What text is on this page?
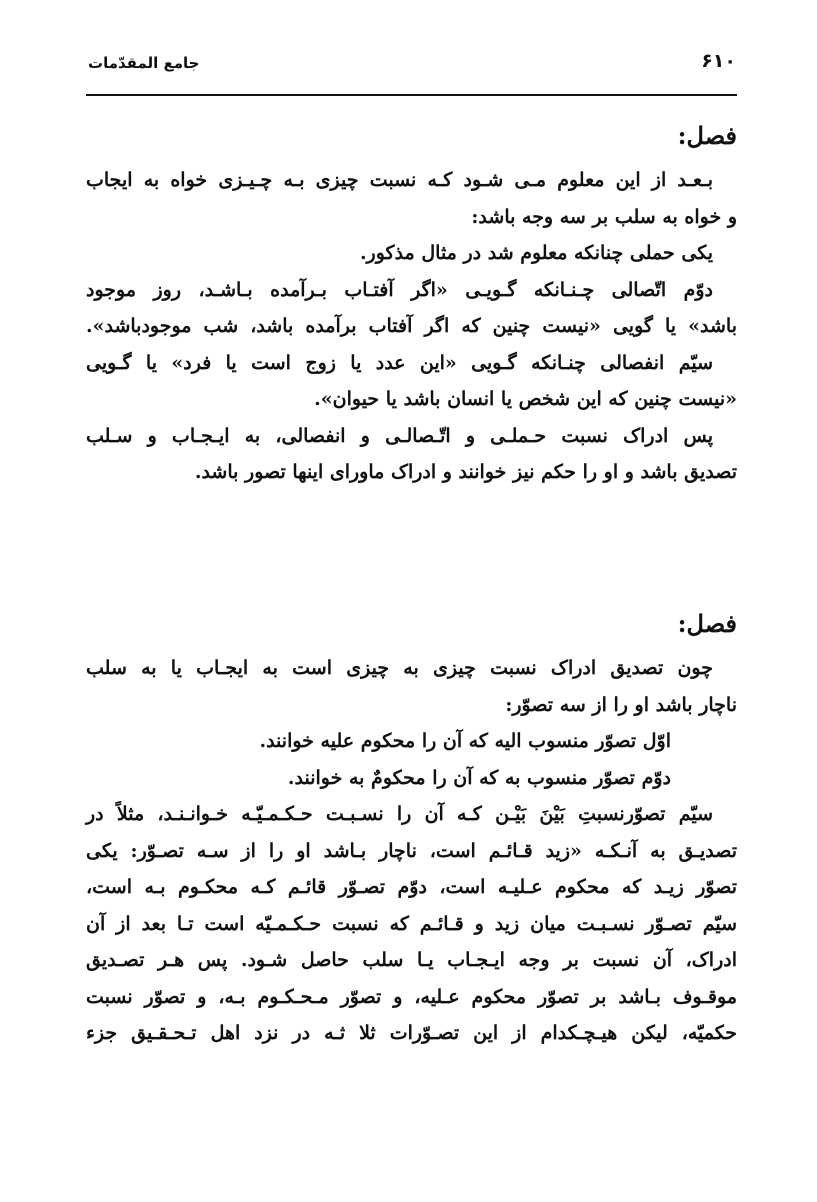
جامع المقدّمات	۶۱۰
فصل:
بـعـد از این معلوم مـی شـود کـه نسبت چیزی بـه چـیـزی خواه به ایجاب
و خواه به سلب بر سه وجه باشد:
یکی حملی چنانکه معلوم شد در مثال مذکور.
دوّم اتّصالی چـنـانکه گـویـی «اگر آفتـاب بـرآمده بـاشـد، روز موجود
باشد» یا گویی «نیست چنین که اگر آفتاب برآمده باشد، شب موجودباشد».
سیّم انفصالی چنـانکه گـویی «این عدد یا زوج است یا فرد» یا گـویی
«نیست چنین که این شخص یا انسان باشد یا حیوان».
پس ادراک نسبت حـملـی و اتّـصالـی و انفصالی، به ایـجـاب و سـلب
تصدیق باشد و او را حکم نیز خوانند و ادراک ماورای اینها تصور باشد.
فصل:
چون تصدیق ادراک نسبت چیزی به چیزی است به ایجـاب یا به سلب
ناچار باشد او را از سه تصوّر:
اوّل تصوّر منسوب الیه که آن را محکوم علیه خوانند.
دوّم تصوّر منسوب به که آن را محکومٌ به خوانند.
سیّم تصوّرنسبتِ بَیْنَ بَیْـن کـه آن را نسـبـت حـکـمـیّـه خـوانـنـد، مثلاً در
تصدیـق به آنـکـه «زید قـائـم است، ناچار بـاشد او را از سـه تصـوّر: یکی
تصوّر زیـد که محکوم عـلیـه است، دوّم تصـوّر قائـم کـه محکـوم بـه است،
سیّم تصـوّر نسـبـت میان زید و قـائـم که نسبت حـکـمـیّه است تـا بعد از آن
ادراک، آن نسبت بر وجه ایـجـاب یـا سلب حاصل شـود. پس هـر تصـدیق
موقـوف بـاشد بر تصوّر محکوم عـلیه، و تصوّر مـحـکـوم بـه، و تصوّر نسبت
حکمیّه، لیکن هیـچـکدام از این تصـوّرات ثلا ثـه در نزد اهل تـحـقـیق جزء
